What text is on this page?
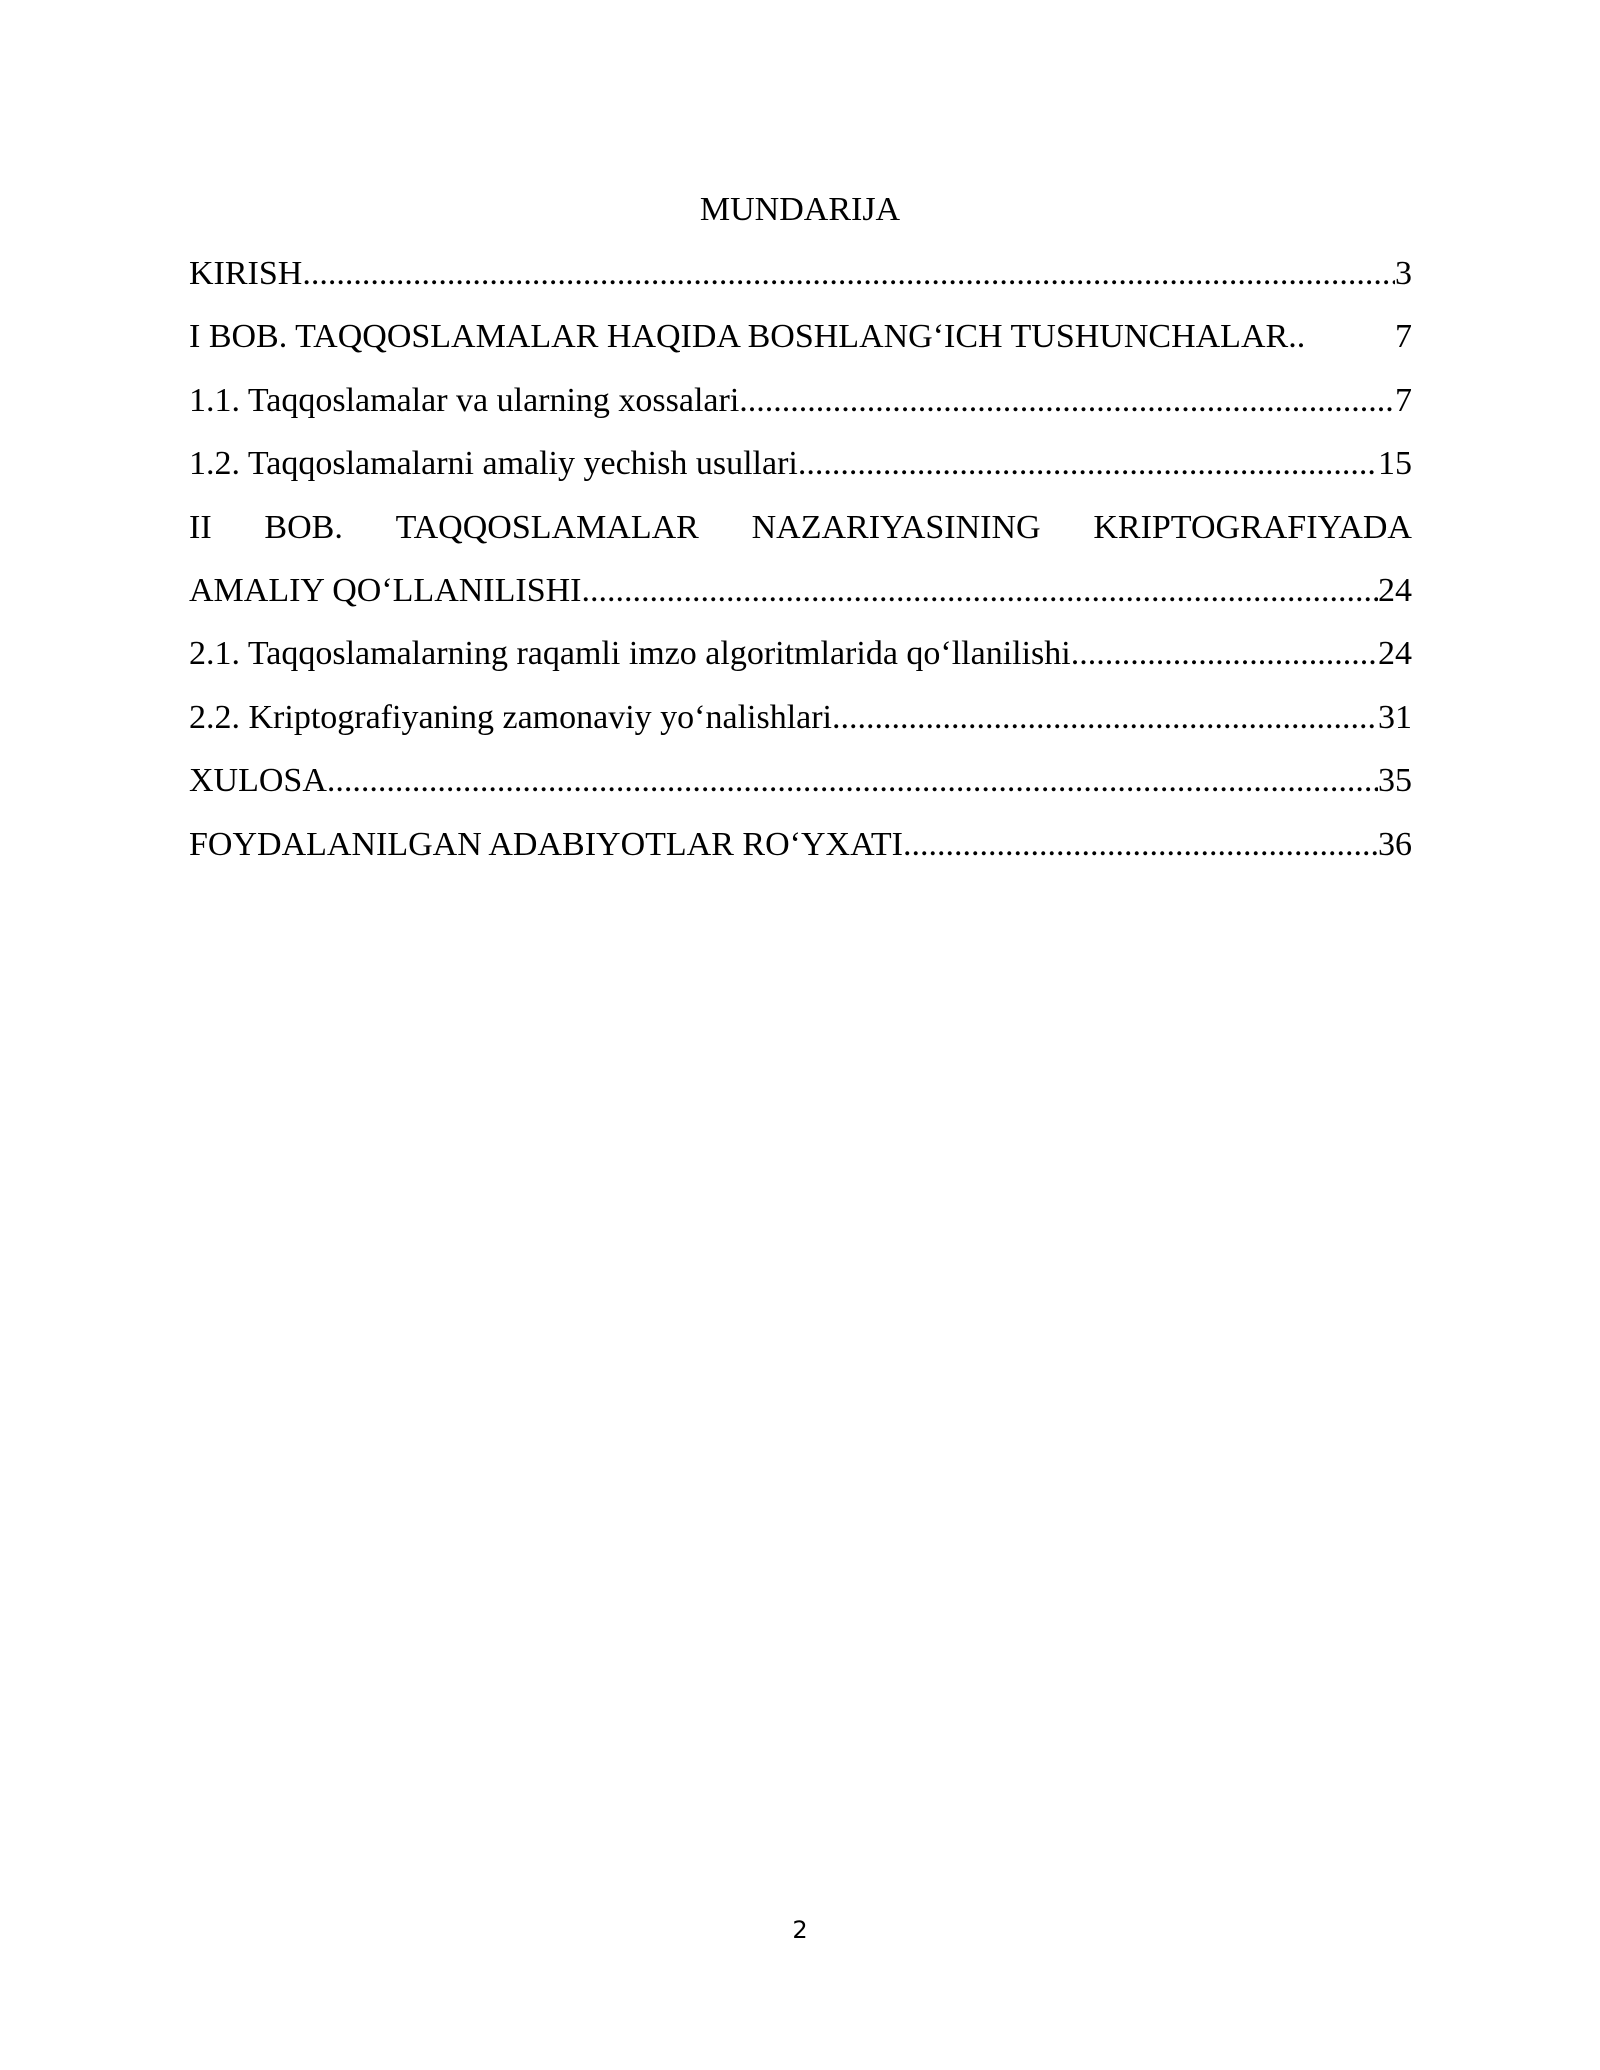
MUNDARIJA
KIRISH .....	3
I BOB. TAQQOSLAMALAR HAQIDA BOSHLANG‘ICH TUSHUNCHALAR. .....	7
1.1. Taqqoslamalar va ularning xossalari .....	7
1.2. Taqqoslamalarni amaliy yechish usullari .....	15
II BOB. TAQQOSLAMALAR NAZARIYASINING KRIPTOGRAFIYADA
AMALIY QO‘LLANILISHI .....	24
2.1. Taqqoslamalarning raqamli imzo algoritmlarida qo‘llanilishi .....	24
2.2. Kriptografiyaning zamonaviy yo‘nalishlari .....	31
XULOSA .....	35
FOYDALANILGAN ADABIYOTLAR RO‘YXATI .....	36
2
